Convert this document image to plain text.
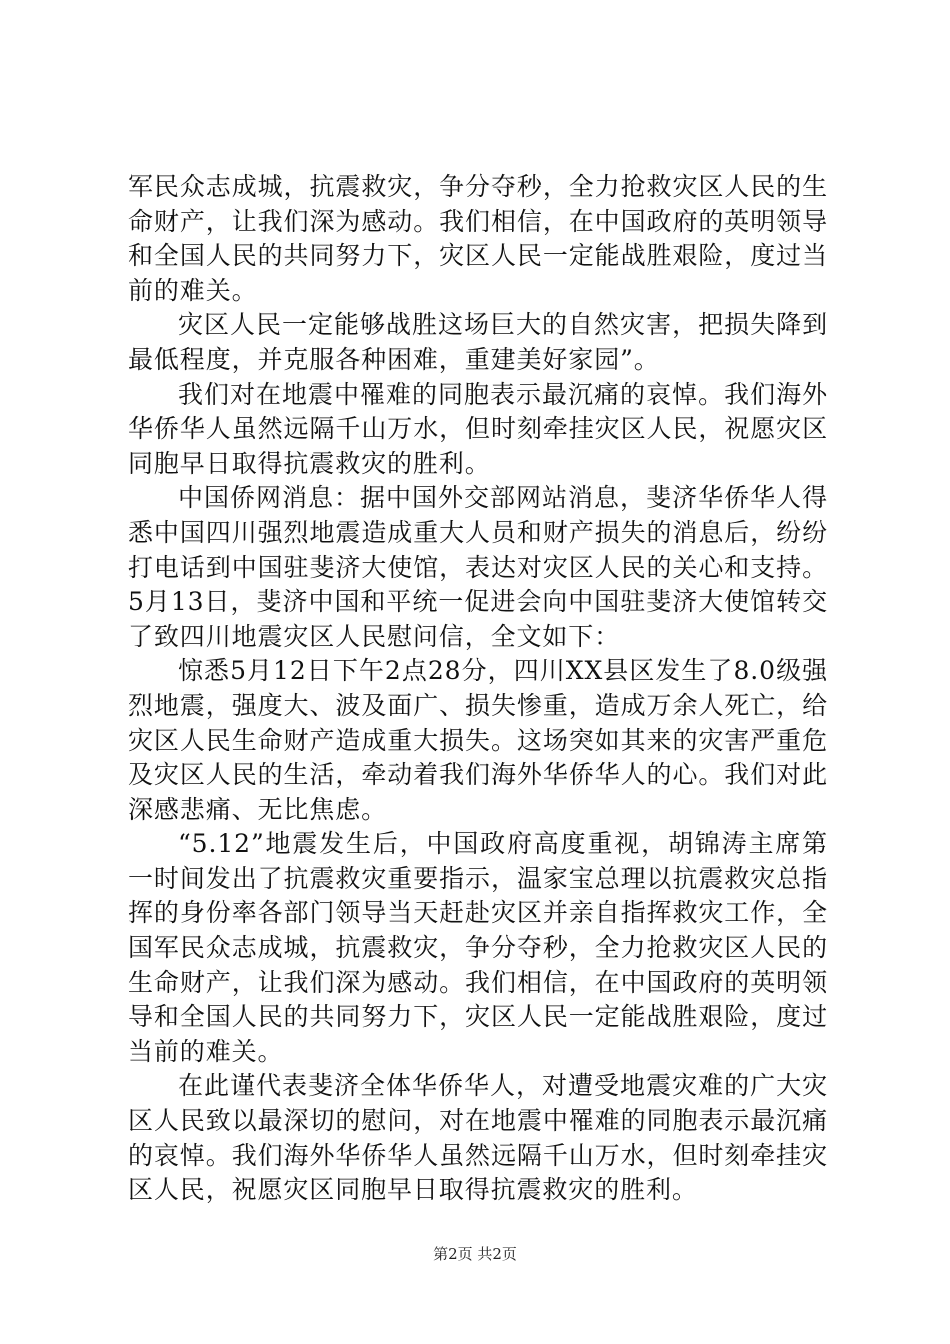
军民众志成城，抗震救灾，争分夺秒，全力抢救灾区人民的生命财产，让我们深为感动。我们相信，在中国政府的英明领导和全国人民的共同努力下，灾区人民一定能战胜艰险，度过当前的难关。

灾区人民一定能够战胜这场巨大的自然灾害，把损失降到最低程度，并克服各种困难，重建美好家园”。

我们对在地震中罹难的同胞表示最沉痛的哀悼。我们海外华侨华人虽然远隔千山万水，但时刻牵挂灾区人民，祝愿灾区同胞早日取得抗震救灾的胜利。

中国侨网消息：据中国外交部网站消息，斐济华侨华人得悉中国四川强烈地震造成重大人员和财产损失的消息后，纷纷打电话到中国驻斐济大使馆，表达对灾区人民的关心和支持。5月13日，斐济中国和平统一促进会向中国驻斐济大使馆转交了致四川地震灾区人民慰问信，全文如下：

惊悉5月12日下午2点28分，四川XX县区发生了8.0级强烈地震，强度大、波及面广、损失惨重，造成万余人死亡，给灾区人民生命财产造成重大损失。这场突如其来的灾害严重危及灾区人民的生活，牵动着我们海外华侨华人的心。我们对此深感悲痛、无比焦虑。

“5.12”地震发生后，中国政府高度重视，胡锦涛主席第一时间发出了抗震救灾重要指示，温家宝总理以抗震救灾总指挥的身份率各部门领导当天赶赴灾区并亲自指挥救灾工作，全国军民众志成城，抗震救灾，争分夺秒，全力抢救灾区人民的生命财产，让我们深为感动。我们相信，在中国政府的英明领导和全国人民的共同努力下，灾区人民一定能战胜艰险，度过当前的难关。

在此谨代表斐济全体华侨华人，对遭受地震灾难的广大灾区人民致以最深切的慰问，对在地震中罹难的同胞表示最沉痛的哀悼。我们海外华侨华人虽然远隔千山万水，但时刻牵挂灾区人民，祝愿灾区同胞早日取得抗震救灾的胜利。

第2页 共2页
